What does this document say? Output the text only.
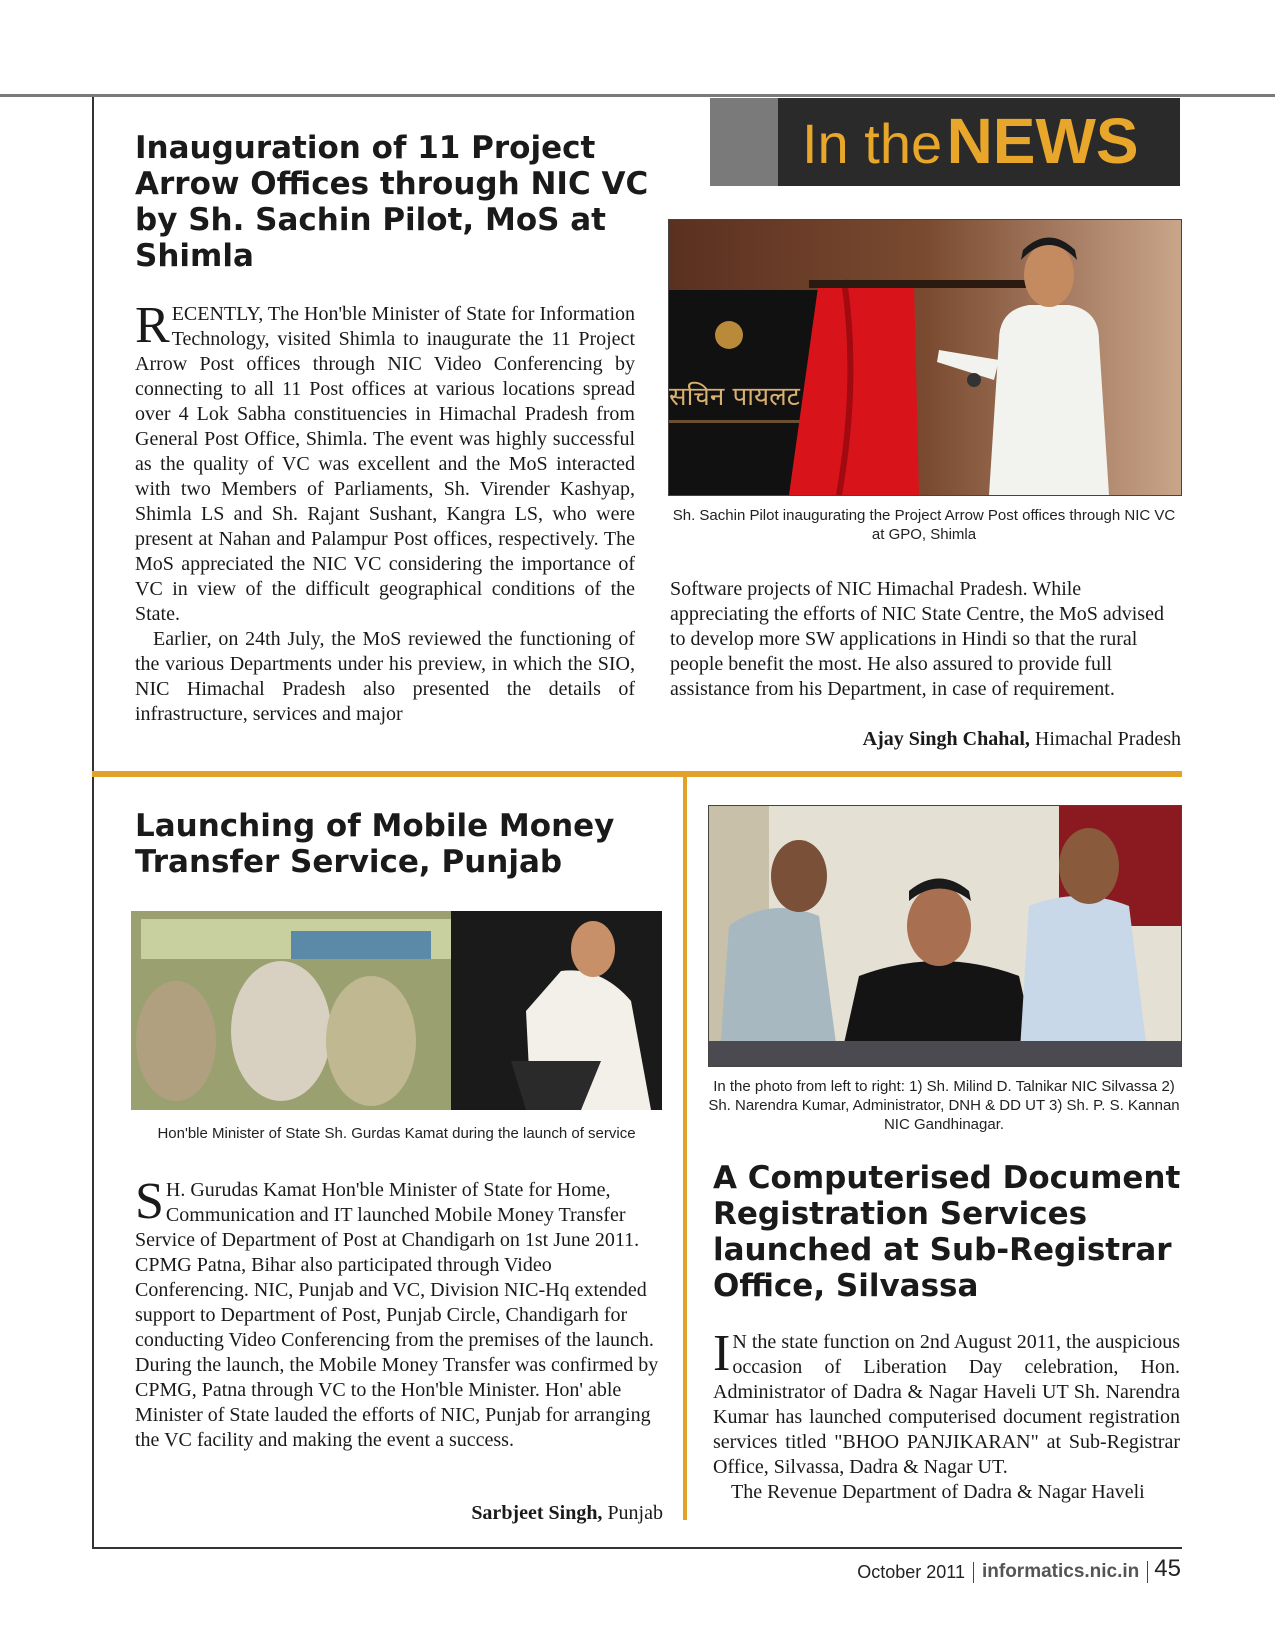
In the NEWS
Inauguration of 11 Project Arrow Offices through NIC VC by Sh. Sachin Pilot, MoS at Shimla

RECENTLY, The Hon'ble Minister of State for Information Technology, visited Shimla to inaugurate the 11 Project Arrow Post offices through NIC Video Conferencing by connecting to all 11 Post offices at various locations spread over 4 Lok Sabha constituencies in Himachal Pradesh from General Post Office, Shimla. The event was highly successful as the quality of VC was excellent and the MoS interacted with two Members of Parliaments, Sh. Virender Kashyap, Shimla LS and Sh. Rajant Sushant, Kangra LS, who were present at Nahan and Palampur Post offices, respectively. The MoS appreciated the NIC VC considering the importance of VC in view of the difficult geographical conditions of the State.

Earlier, on 24th July, the MoS reviewed the functioning of the various Departments under his preview, in which the SIO, NIC Himachal Pradesh also presented the details of infrastructure, services and major

सचिन पायलट
Sh. Sachin Pilot inaugurating the Project Arrow Post offices through NIC VC at GPO, Shimla

Software projects of NIC Himachal Pradesh. While appreciating the efforts of NIC State Centre, the MoS advised to develop more SW applications in Hindi so that the rural people benefit the most. He also assured to provide full assistance from his Department, in case of requirement.

Ajay Singh Chahal, Himachal Pradesh
Launching of Mobile Money Transfer Service, Punjab
Hon'ble Minister of State Sh. Gurdas Kamat during the launch of service

S H. Gurudas Kamat Hon'ble Minister of State for Home, Communication and IT launched Mobile Money Transfer Service of Department of Post at Chandigarh on 1st June 2011. CPMG Patna, Bihar also participated through Video Conferencing. NIC, Punjab and VC, Division NIC-Hq extended support to Department of Post, Punjab Circle, Chandigarh for conducting Video Conferencing from the premises of the launch. During the launch, the Mobile Money Transfer was confirmed by CPMG, Patna through VC to the Hon'ble Minister. Hon' able Minister of State lauded the efforts of NIC, Punjab for arranging the VC facility and making the event a success.

Sarbjeet Singh, Punjab
In the photo from left to right: 1) Sh. Milind D. Talnikar NIC Silvassa 2) Sh. Narendra Kumar, Administrator, DNH & DD UT 3) Sh. P. S. Kannan NIC Gandhinagar.
A Computerised Document Registration Services launched at Sub-Registrar Office, Silvassa

I N the state function on 2nd August 2011, the auspicious occasion of Liberation Day celebration, Hon. Administrator of Dadra & Nagar Haveli UT Sh. Narendra Kumar has launched computerised document registration services titled "BHOO PANJIKARAN" at Sub-Registrar Office, Silvassa, Dadra & Nagar UT.

The Revenue Department of Dadra & Nagar Haveli

October 2011 informatics.nic.in 45
